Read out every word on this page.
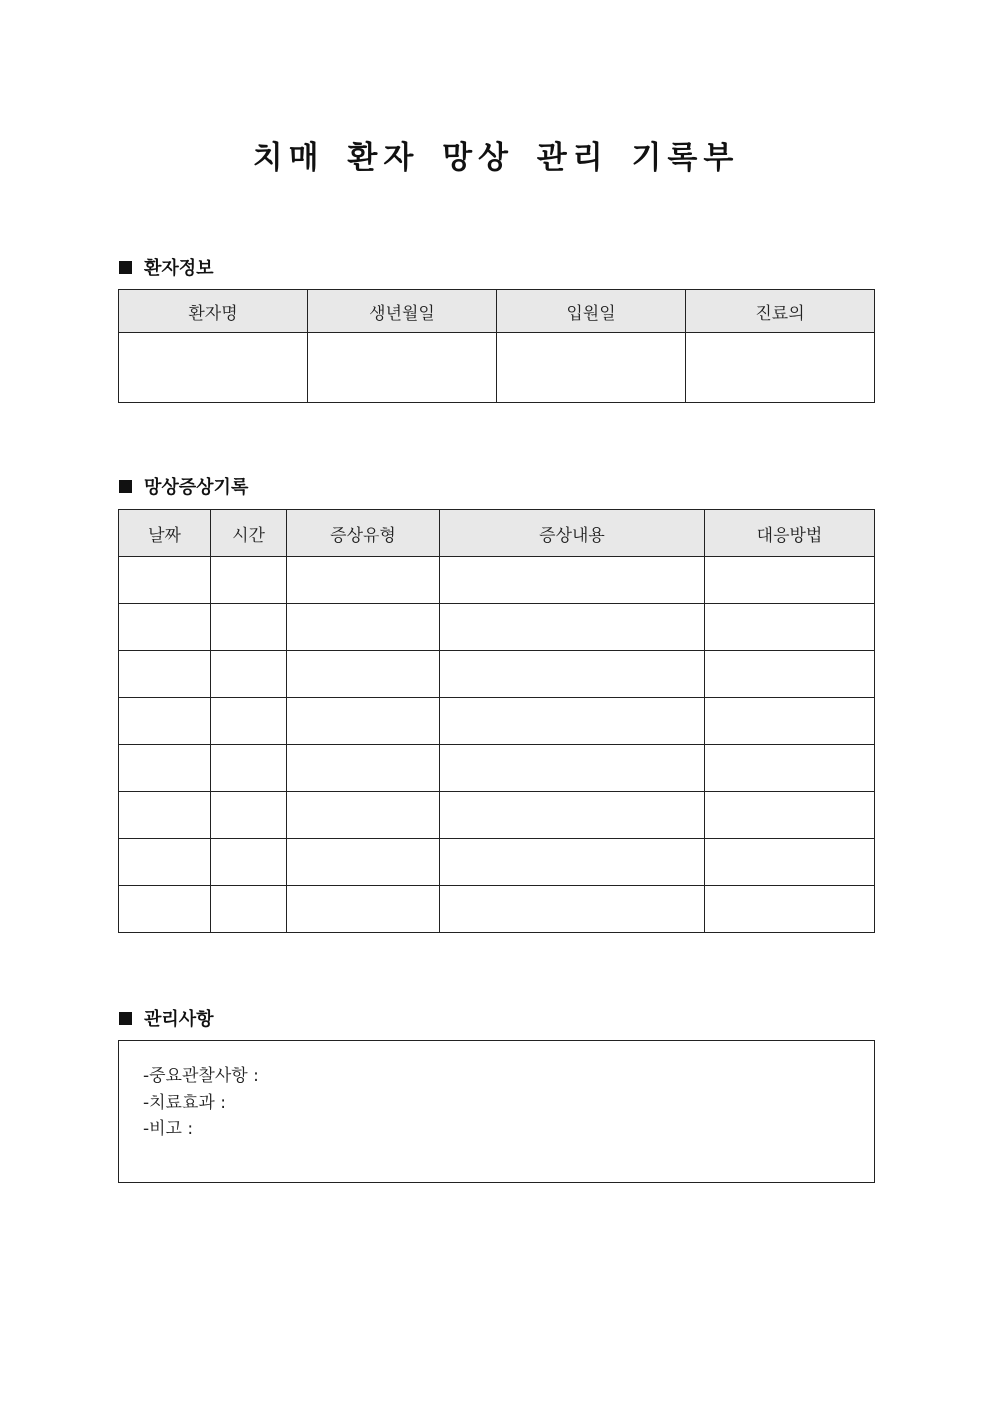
치매 환자 망상 관리 기록부
환자정보
환자명	생년월일	입원일	진료의

망상증상기록
날짜	시간	증상유형	증상내용	대응방법

관리사항
-중요관찰사항 :
-치료효과 :
-비고 :
